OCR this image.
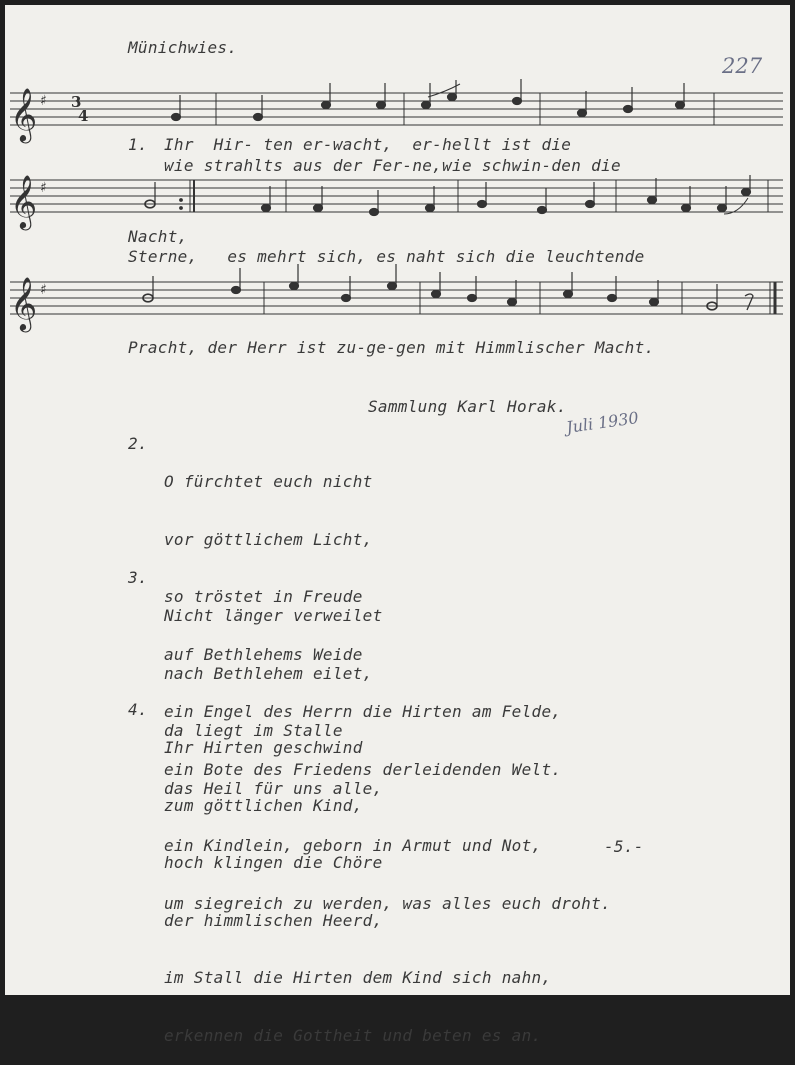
Münichwies.
227
𝄞
𝄞
𝄞
♯
♯
♯
3
4
1. Ihr  Hir- ten er-wacht,  er-hellt ist die
wie strahlts aus der Fer-ne,wie schwin-den die
Nacht,
Sterne,   es mehrt sich, es naht sich die leuchtende
Pracht, der Herr ist zu-ge-gen mit Himmlischer Macht.
Sammlung Karl Horak.
Juli 1930
2.

O fürchtet euch nicht

vor göttlichem Licht,

so tröstet in Freude

auf Bethlehems Weide

ein Engel des Herrn die Hirten am Felde,

ein Bote des Friedens derleidenden Welt.

3.

Nicht länger verweilet

nach Bethlehem eilet,

da liegt im Stalle

das Heil für uns alle,

ein Kindlein, geborn in Armut und Not,

um siegreich zu werden, was alles euch droht.

4.

Ihr Hirten geschwind

zum göttlichen Kind,

hoch klingen die Chöre

der himmlischen Heerd,

im Stall die Hirten dem Kind sich nahn,

erkennen die Gottheit und beten es an.

-5.-
